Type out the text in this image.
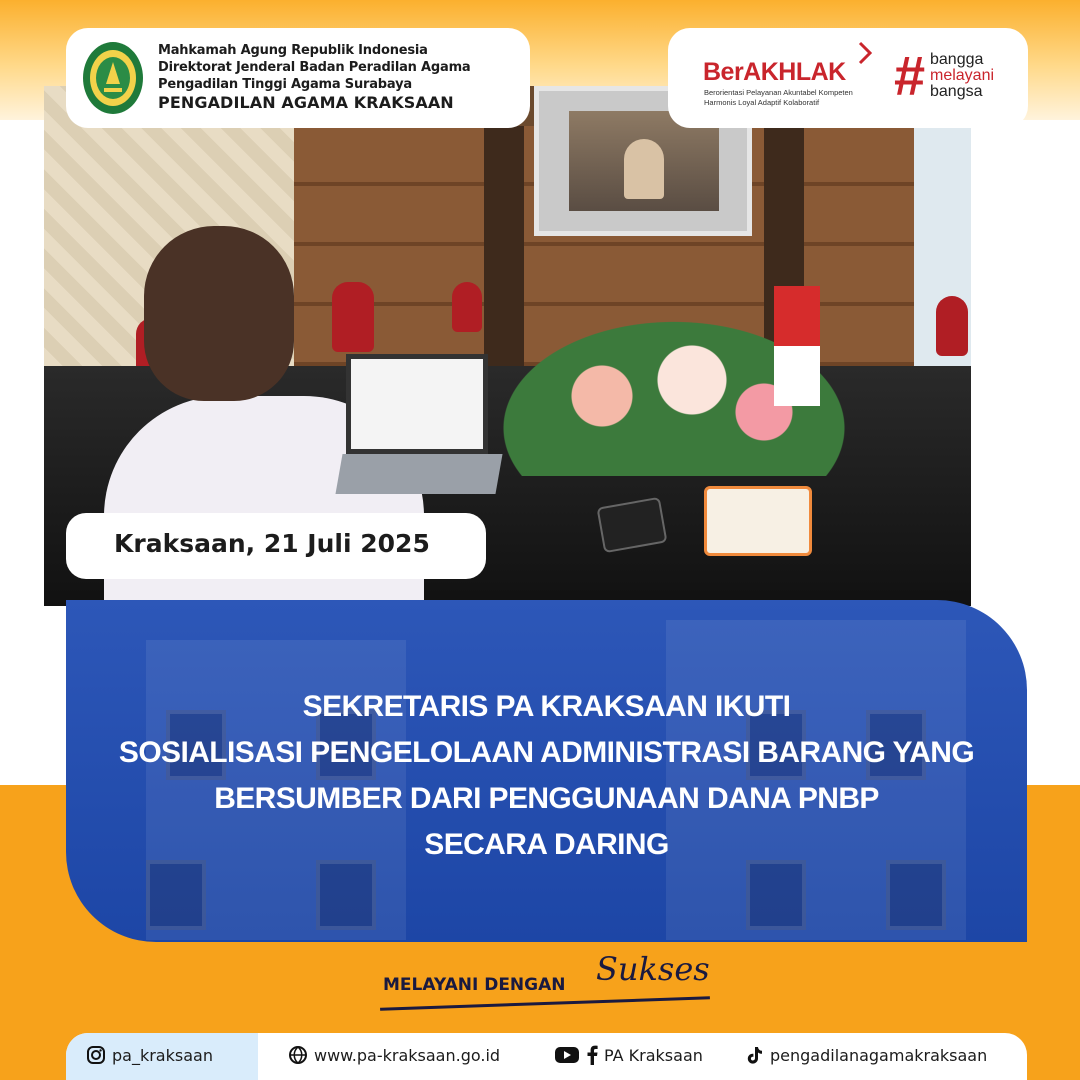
Mahkamah Agung Republik Indonesia
Direktorat Jenderal Badan Peradilan Agama
Pengadilan Tinggi Agama Surabaya
PENGADILAN AGAMA KRAKSAAN
BerAKHLAK
Berorientasi Pelayanan Akuntabel Kompeten
Harmonis Loyal Adaptif Kolaboratif	# bangga
melayani
bangsa
Kraksaan, 21 Juli 2025
SEKRETARIS PA KRAKSAAN IKUTI
SOSIALISASI PENGELOLAAN ADMINISTRASI BARANG YANG
BERSUMBER DARI PENGGUNAAN DANA PNBP
SECARA DARING
MELAYANI DENGAN Sukses
pa_kraksaan	www.pa-kraksaan.go.id	PA Kraksaan	pengadilanagamakraksaan
